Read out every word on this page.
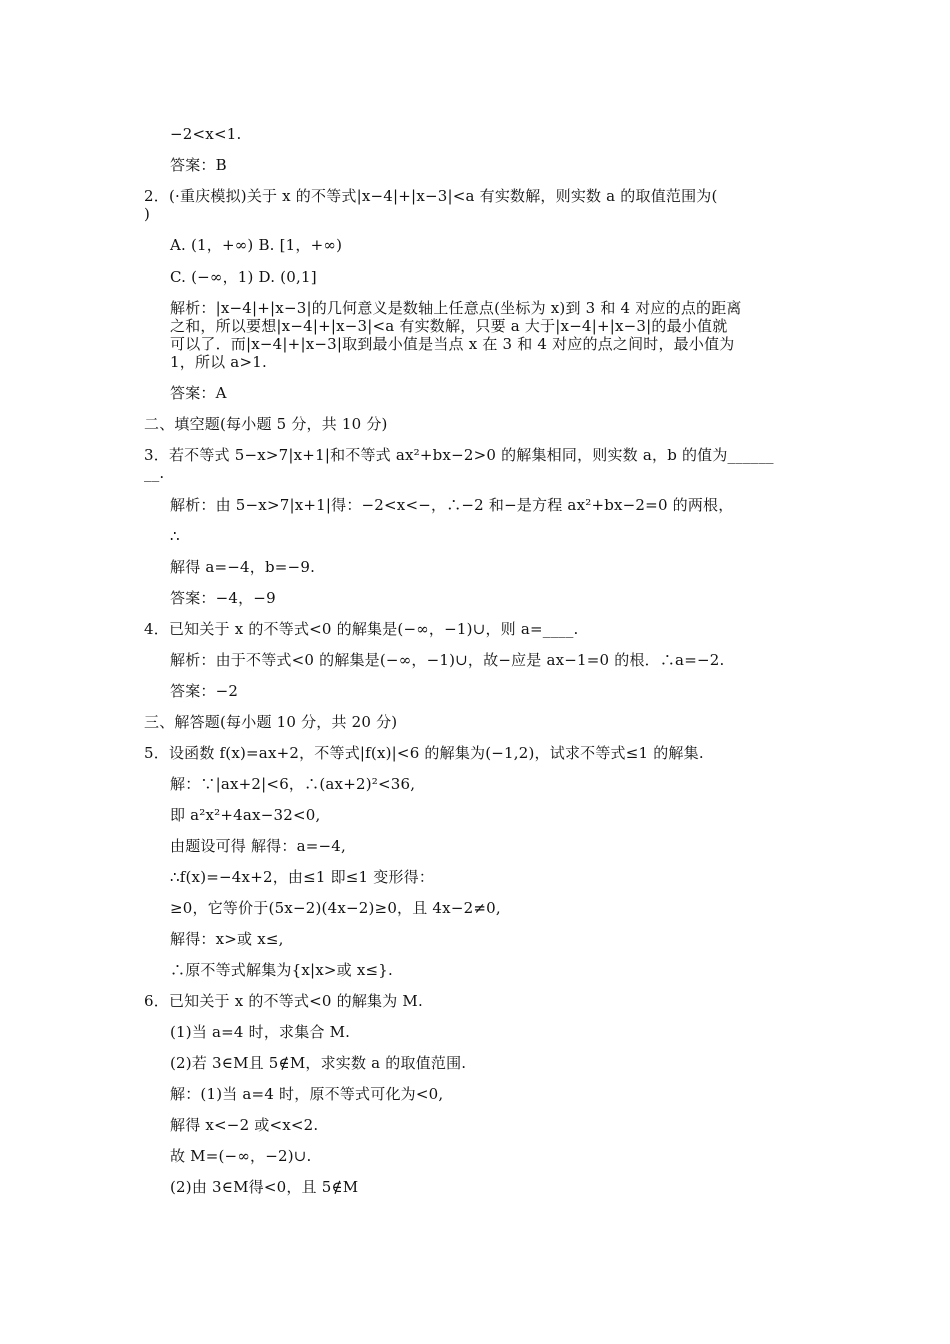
−2<x<1.
答案：B
2．(·重庆模拟)关于 x 的不等式|x−4|+|x−3|<a 有实数解，则实数 a 的取值范围为(
)
A. (1，+∞) B. [1，+∞)
C. (−∞，1) D. (0,1]
解析：|x−4|+|x−3|的几何意义是数轴上任意点(坐标为 x)到 3 和 4 对应的点的距离
之和，所以要想|x−4|+|x−3|<a 有实数解，只要 a 大于|x−4|+|x−3|的最小值就
可以了．而|x−4|+|x−3|取到最小值是当点 x 在 3 和 4 对应的点之间时，最小值为
1，所以 a>1.
答案：A
二、填空题(每小题 5 分，共 10 分)
3．若不等式 5−x>7|x+1|和不等式 ax²+bx−2>0 的解集相同，则实数 a，b 的值为______
__.
解析：由 5−x>7|x+1|得：−2<x<−，∴−2 和−是方程 ax²+bx−2=0 的两根，
∴
解得 a=−4，b=−9.
答案：−4，−9
4．已知关于 x 的不等式<0 的解集是(−∞，−1)∪，则 a=____.
解析：由于不等式<0 的解集是(−∞，−1)∪，故−应是 ax−1=0 的根．∴a=−2.
答案：−2
三、解答题(每小题 10 分，共 20 分)
5．设函数 f(x)=ax+2，不等式|f(x)|<6 的解集为(−1,2)，试求不等式≤1 的解集.
解：∵|ax+2|<6，∴(ax+2)²<36,
即 a²x²+4ax−32<0,
由题设可得 解得：a=−4,
∴f(x)=−4x+2，由≤1 即≤1 变形得：
≥0，它等价于(5x−2)(4x−2)≥0，且 4x−2≠0,
解得：x>或 x≤,
∴原不等式解集为{x|x>或 x≤}.
6．已知关于 x 的不等式<0 的解集为 M.
(1)当 a=4 时，求集合 M.
(2)若 3∈M且 5∉M，求实数 a 的取值范围.
解：(1)当 a=4 时，原不等式可化为<0,
解得 x<−2 或<x<2.
故 M=(−∞，−2)∪.
(2)由 3∈M得<0，且 5∉M
